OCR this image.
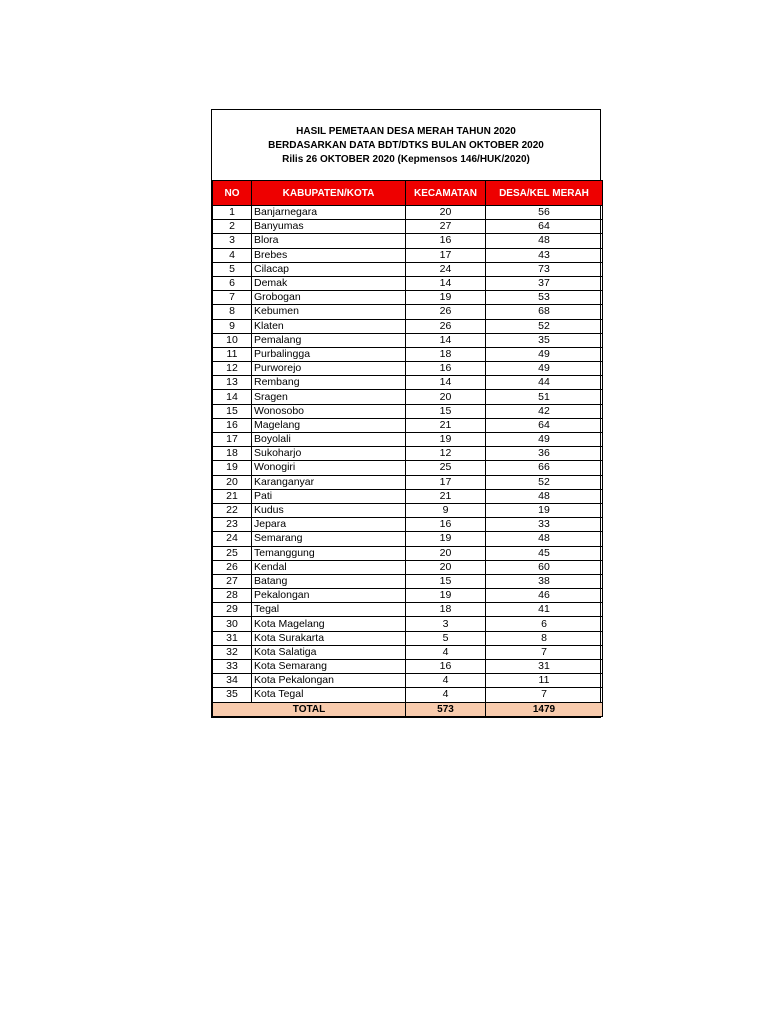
HASIL PEMETAAN DESA MERAH TAHUN 2020
BERDASARKAN DATA BDT/DTKS BULAN OKTOBER 2020
Rilis 26 OKTOBER 2020 (Kepmensos 146/HUK/2020)
NO	KABUPATEN/KOTA	KECAMATAN	DESA/KEL MERAH
1	Banjarnegara	20	56
2	Banyumas	27	64
3	Blora	16	48
4	Brebes	17	43
5	Cilacap	24	73
6	Demak	14	37
7	Grobogan	19	53
8	Kebumen	26	68
9	Klaten	26	52
10	Pemalang	14	35
11	Purbalingga	18	49
12	Purworejo	16	49
13	Rembang	14	44
14	Sragen	20	51
15	Wonosobo	15	42
16	Magelang	21	64
17	Boyolali	19	49
18	Sukoharjo	12	36
19	Wonogiri	25	66
20	Karanganyar	17	52
21	Pati	21	48
22	Kudus	9	19
23	Jepara	16	33
24	Semarang	19	48
25	Temanggung	20	45
26	Kendal	20	60
27	Batang	15	38
28	Pekalongan	19	46
29	Tegal	18	41
30	Kota Magelang	3	6
31	Kota Surakarta	5	8
32	Kota Salatiga	4	7
33	Kota Semarang	16	31
34	Kota Pekalongan	4	11
35	Kota Tegal	4	7
TOTAL		573	1479
